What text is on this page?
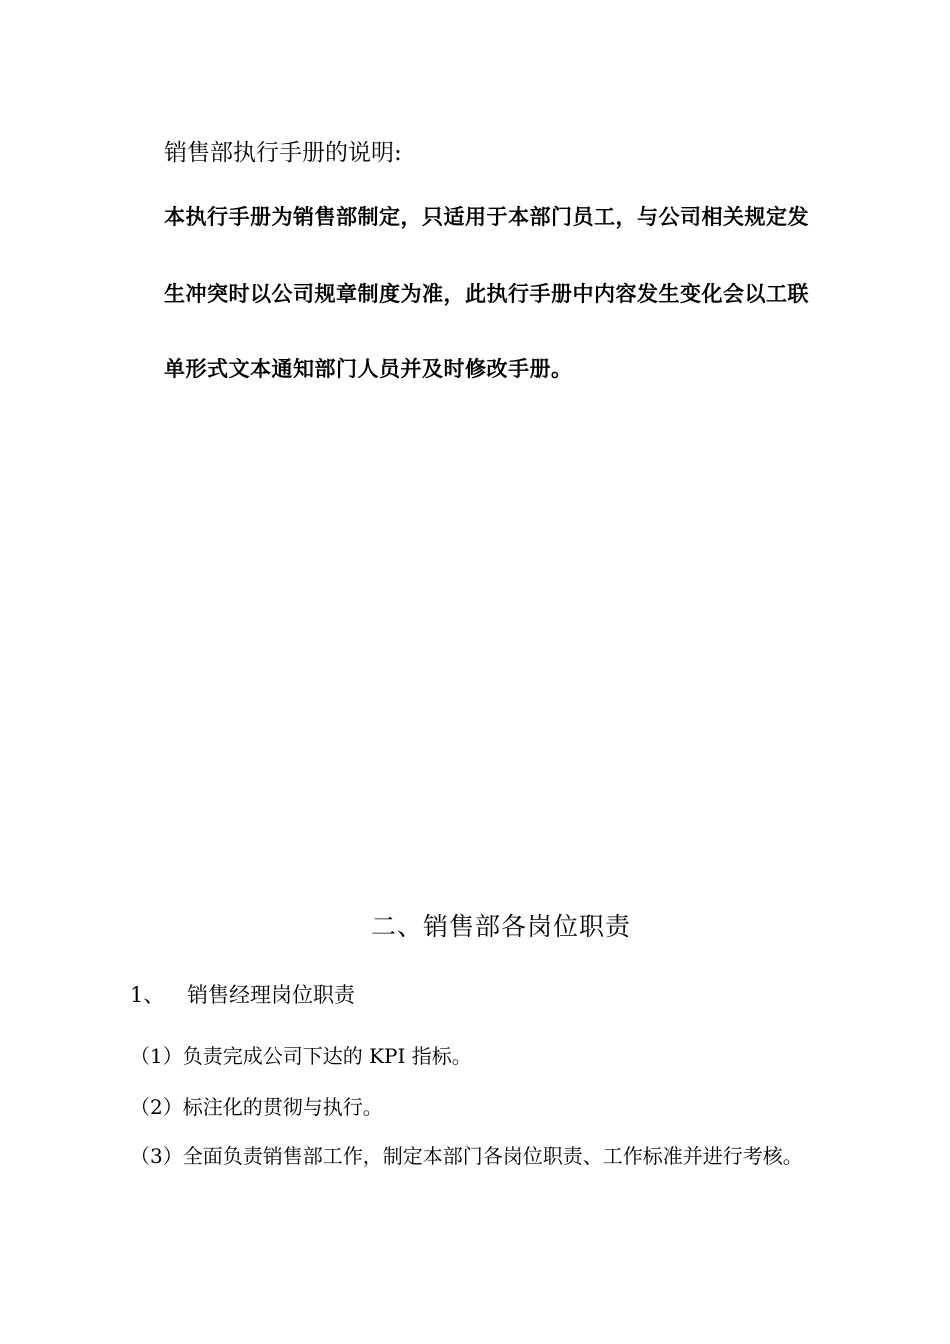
销售部执行手册的说明:
本执行手册为销售部制定，只适用于本部门员工，与公司相关规定发
生冲突时以公司规章制度为准，此执行手册中内容发生变化会以工联
单形式文本通知部门人员并及时修改手册。
二、销售部各岗位职责
1、 销售经理岗位职责
（1）负责完成公司下达的 KPI 指标。
（2）标注化的贯彻与执行。
（3）全面负责销售部工作，制定本部门各岗位职责、工作标准并进行考核。
